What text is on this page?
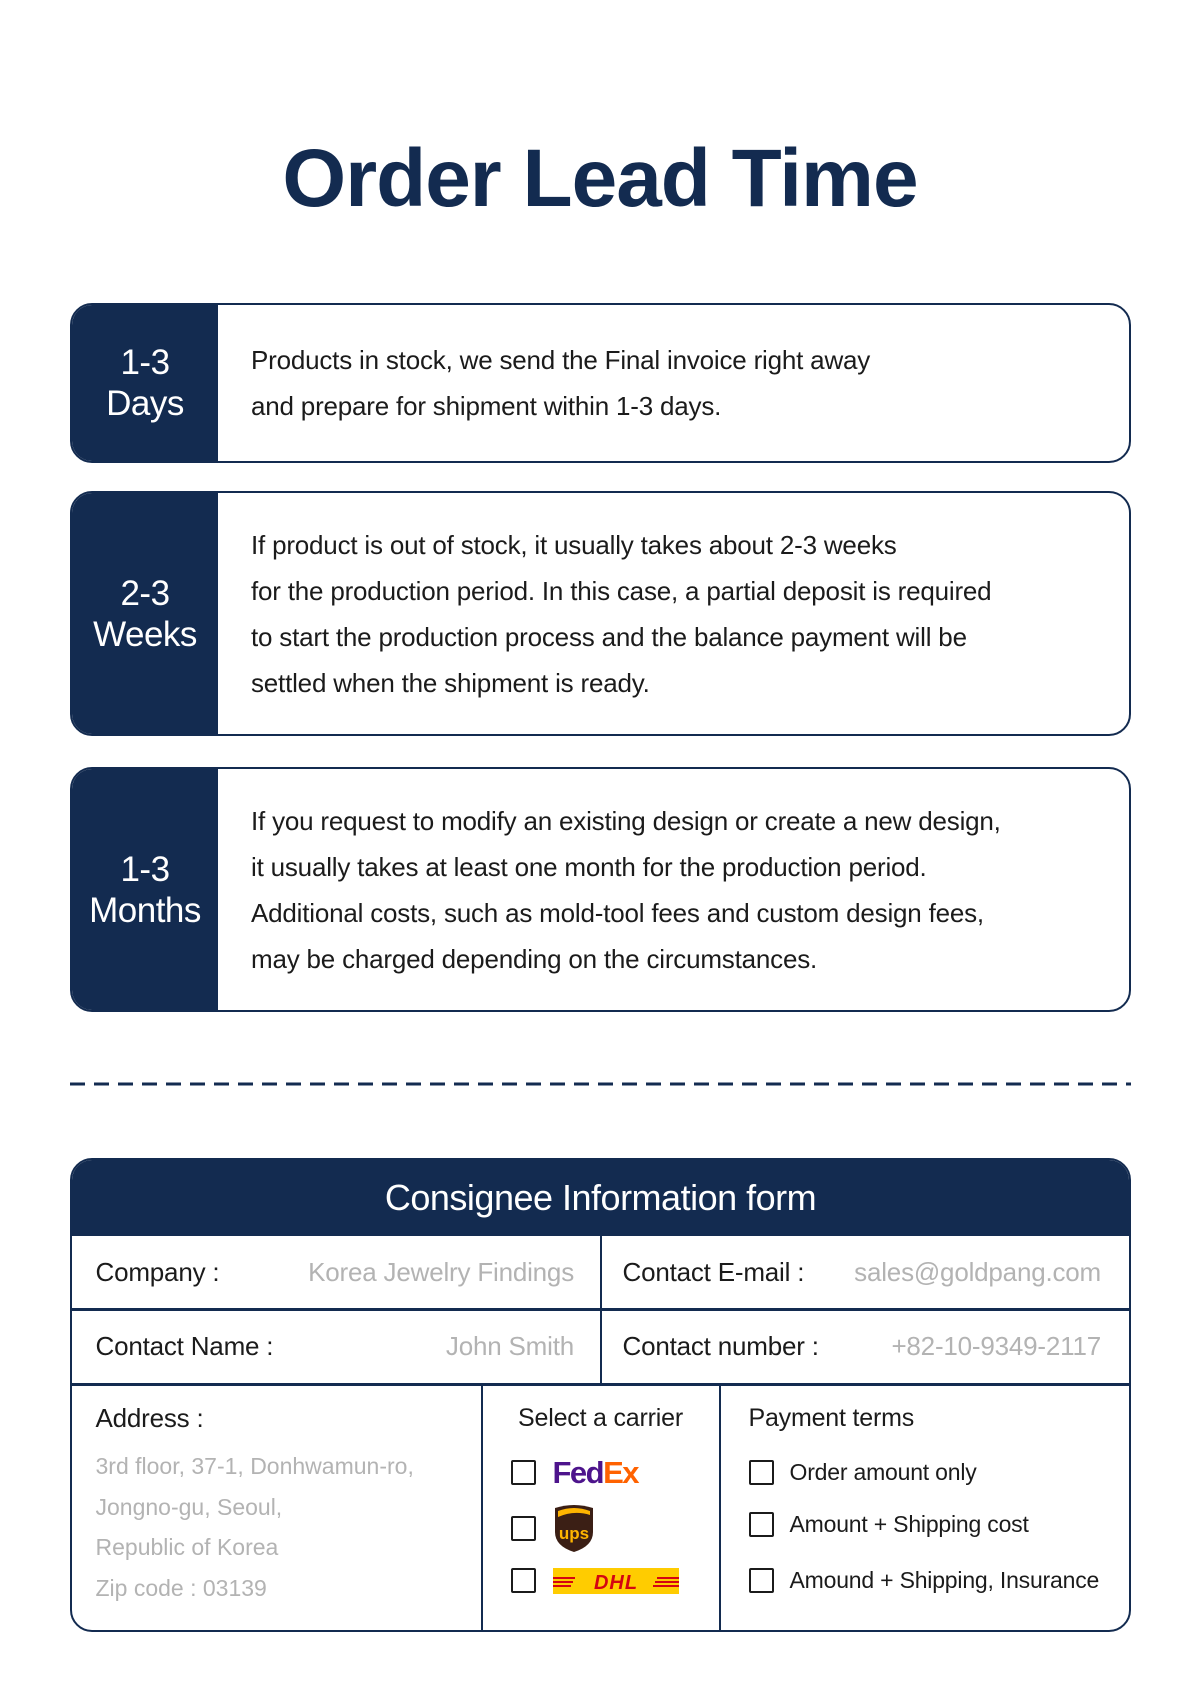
Order Lead Time
1-3
Days
Products in stock, we send the Final invoice right away
and prepare for shipment within 1-3 days.
2-3
Weeks
If product is out of stock, it usually takes about 2-3 weeks
for the production period. In this case, a partial deposit is required
to start the production process and the balance payment will be
settled when the shipment is ready.
1-3
Months
If you request to modify an existing design or create a new design,
it usually takes at least one month for the production period.
Additional costs, such as mold-tool fees and custom design fees,
may be charged depending on the circumstances.
Consignee Information form
Company :
Korea Jewelry Findings	Contact E-mail :
sales@goldpang.com
Contact Name :
John Smith	Contact number :
+82-10-9349-2117
Address :
3rd floor, 37-1, Donhwamun-ro,
Jongno-gu, Seoul,
Republic of Korea
Zip code : 03139
Select a carrier
FedEx
ups
DHL
Payment terms
Order amount only
Amount + Shipping cost
Amound + Shipping, Insurance
